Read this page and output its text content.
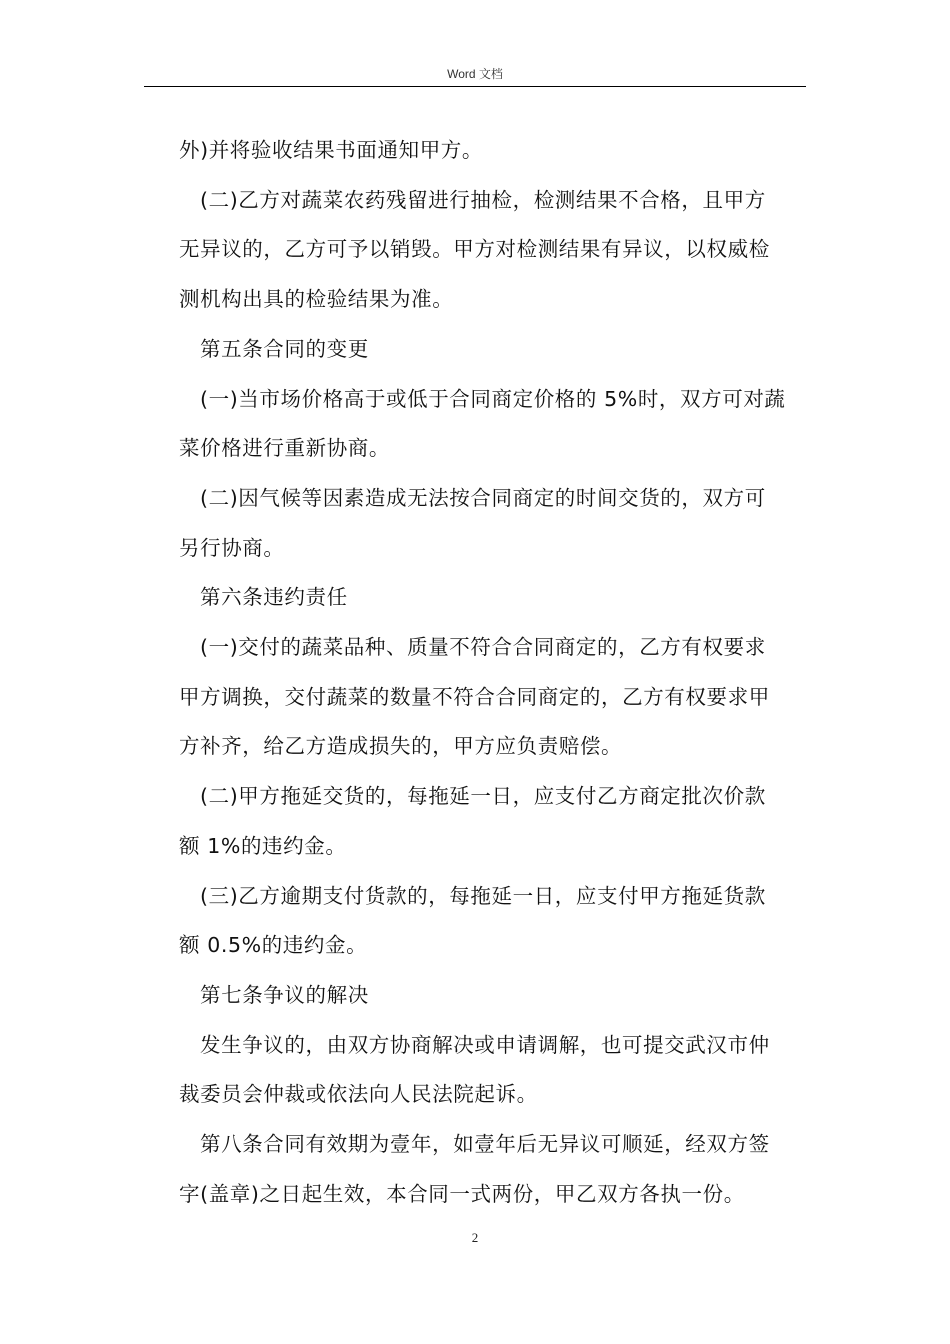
Word 文档

外)并将验收结果书面通知甲方。

(二)乙方对蔬菜农药残留进行抽检，检测结果不合格，且甲方

无异议的，乙方可予以销毁。甲方对检测结果有异议，以权威检

测机构出具的检验结果为准。

第五条合同的变更

(一)当市场价格高于或低于合同商定价格的 5%时，双方可对蔬

菜价格进行重新协商。

(二)因气候等因素造成无法按合同商定的时间交货的，双方可

另行协商。

第六条违约责任

(一)交付的蔬菜品种、质量不符合合同商定的，乙方有权要求

甲方调换，交付蔬菜的数量不符合合同商定的，乙方有权要求甲

方补齐，给乙方造成损失的，甲方应负责赔偿。

(二)甲方拖延交货的，每拖延一日，应支付乙方商定批次价款

额 1%的违约金。

(三)乙方逾期支付货款的，每拖延一日，应支付甲方拖延货款

额 0.5%的违约金。

第七条争议的解决

发生争议的，由双方协商解决或申请调解，也可提交武汉市仲

裁委员会仲裁或依法向人民法院起诉。

第八条合同有效期为壹年，如壹年后无异议可顺延，经双方签

字(盖章)之日起生效，本合同一式两份，甲乙双方各执一份。

2
